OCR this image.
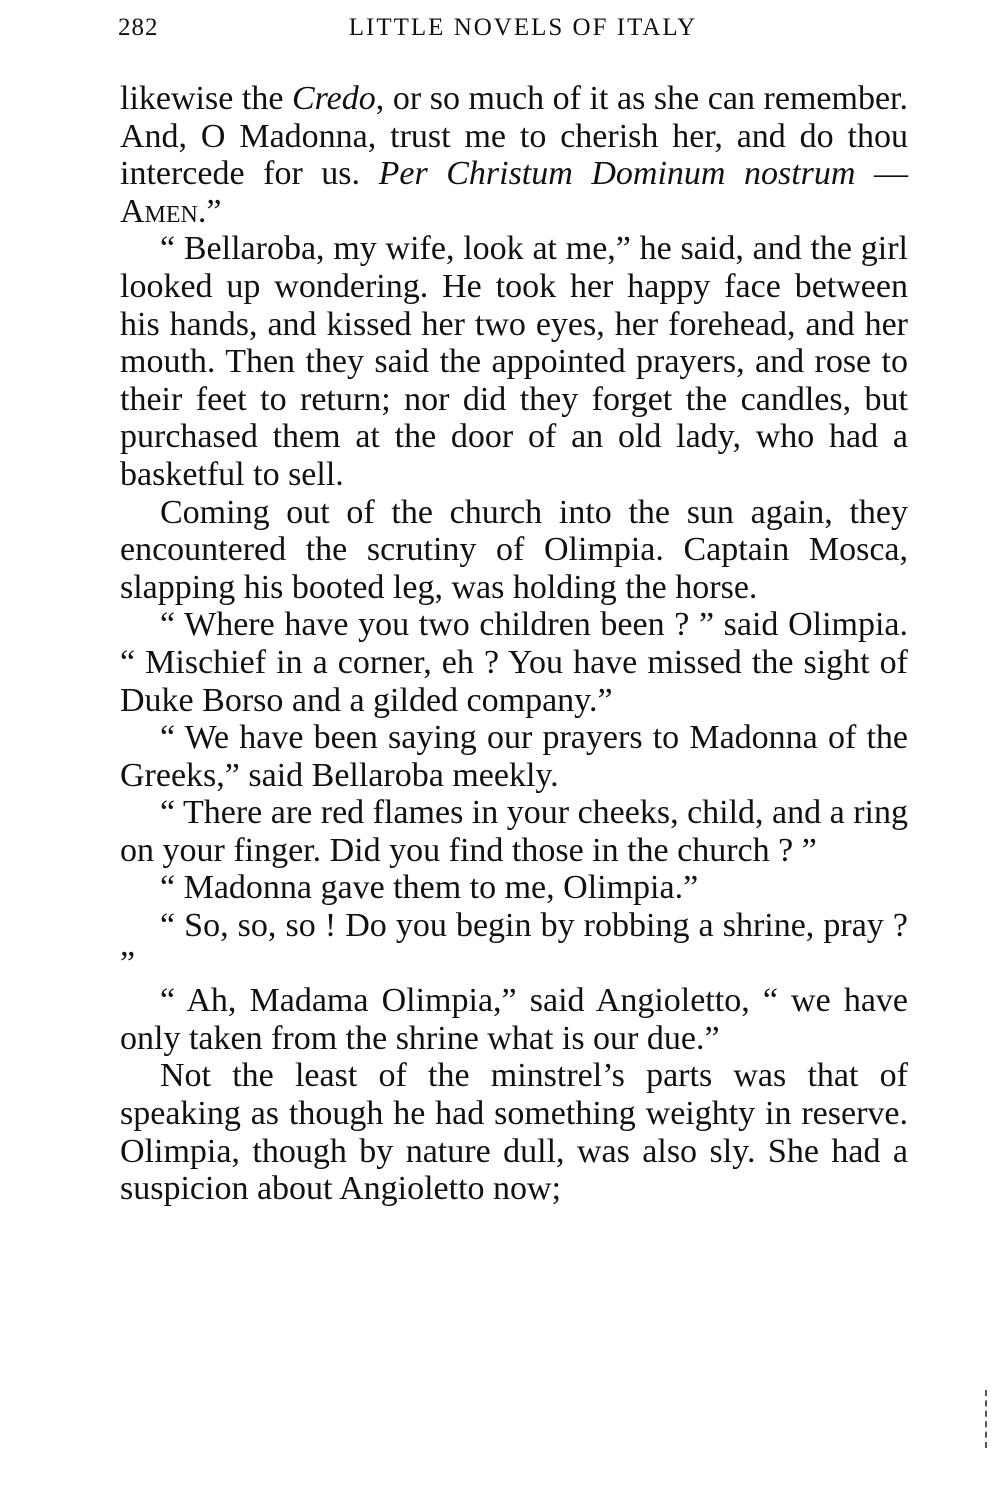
282	LITTLE NOVELS OF ITALY

likewise the Credo, or so much of it as she can remember. And, O Madonna, trust me to cherish her, and do thou intercede for us. Per Christum Dominum nostrum — Amen.”

“ Bellaroba, my wife, look at me,” he said, and the girl looked up wondering. He took her happy face between his hands, and kissed her two eyes, her forehead, and her mouth. Then they said the appointed prayers, and rose to their feet to return; nor did they forget the candles, but purchased them at the door of an old lady, who had a basketful to sell.

Coming out of the church into the sun again, they encountered the scrutiny of Olimpia. Captain Mosca, slapping his booted leg, was holding the horse.

“ Where have you two children been ? ” said Olimpia. “ Mischief in a corner, eh ? You have missed the sight of Duke Borso and a gilded company.”

“ We have been saying our prayers to Madonna of the Greeks,” said Bellaroba meekly.

“ There are red flames in your cheeks, child, and a ring on your finger. Did you find those in the church ? ”

“ Madonna gave them to me, Olimpia.”

“ So, so, so ! Do you begin by robbing a shrine, pray ? ”

“ Ah, Madama Olimpia,” said Angioletto, “ we have only taken from the shrine what is our due.”

Not the least of the minstrel’s parts was that of speaking as though he had something weighty in reserve. Olimpia, though by nature dull, was also sly. She had a suspicion about Angioletto now;
